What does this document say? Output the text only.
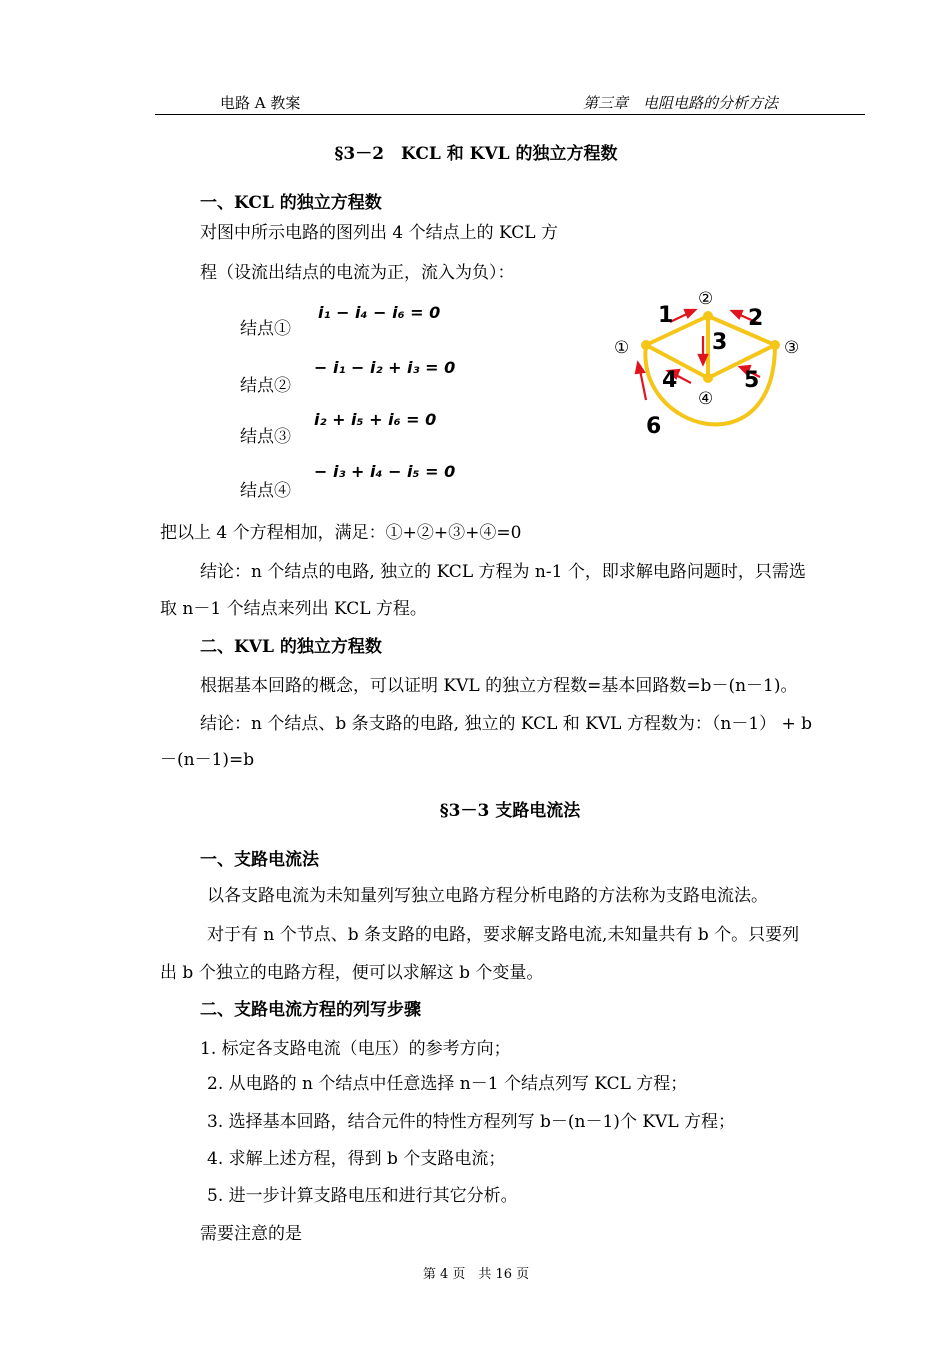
电路 A 教案	第三章　电阻电路的分析方法
§3－2　KCL 和 KVL 的独立方程数
一、KCL 的独立方程数
对图中所示电路的图列出 4 个结点上的 KCL 方
程（设流出结点的电流为正，流入为负）：
结点①
i₁ − i₄ − i₆ = 0
结点②
− i₁ − i₂ + i₃ = 0
结点③
i₂ + i₅ + i₆ = 0
结点④
− i₃ + i₄ − i₅ = 0
①
②
③
④
1	2
3
4	5
6
把以上 4 个方程相加，满足：①+②+③+④=0
结论：n 个结点的电路, 独立的 KCL 方程为 n-1 个，即求解电路问题时，只需选
取 n－1 个结点来列出 KCL 方程。
二、KVL 的独立方程数
根据基本回路的概念，可以证明 KVL 的独立方程数=基本回路数=b－(n－1)。
结论：n 个结点、b 条支路的电路, 独立的 KCL 和 KVL 方程数为：（n－1） + b
－(n－1)=b
§3－3 支路电流法
一、支路电流法
以各支路电流为未知量列写独立电路方程分析电路的方法称为支路电流法。
对于有 n 个节点、b 条支路的电路，要求解支路电流,未知量共有 b 个。只要列
出 b 个独立的电路方程，便可以求解这 b 个变量。
二、支路电流方程的列写步骤
1. 标定各支路电流（电压）的参考方向；
2. 从电路的 n 个结点中任意选择 n－1 个结点列写 KCL 方程；
3. 选择基本回路，结合元件的特性方程列写 b－(n－1)个 KVL 方程；
4. 求解上述方程，得到 b 个支路电流；
5. 进一步计算支路电压和进行其它分析。
需要注意的是
第 4 页　共 16 页
